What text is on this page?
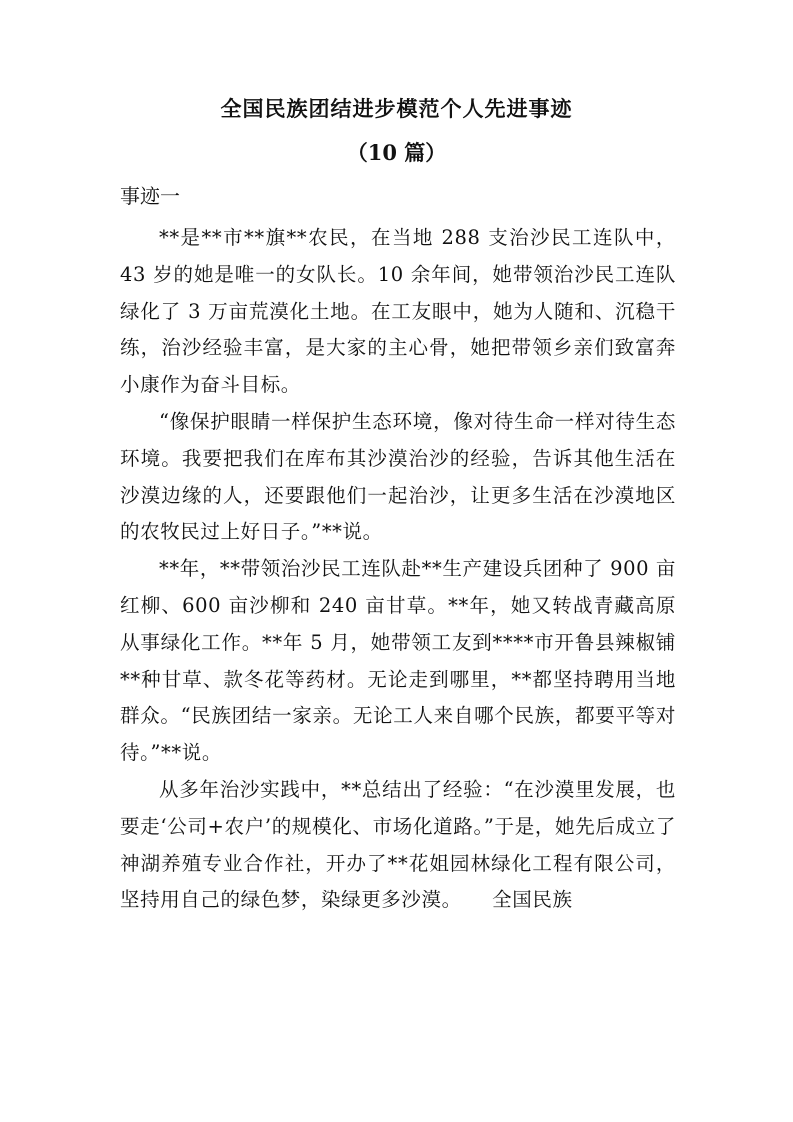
全国民族团结进步模范个人先进事迹
（10 篇）
事迹一

**是**市**旗**农民，在当地 288 支治沙民工连队中，43 岁的她是唯一的女队长。10 余年间，她带领治沙民工连队绿化了 3 万亩荒漠化土地。在工友眼中，她为人随和、沉稳干练，治沙经验丰富，是大家的主心骨，她把带领乡亲们致富奔小康作为奋斗目标。

“像保护眼睛一样保护生态环境，像对待生命一样对待生态环境。我要把我们在库布其沙漠治沙的经验，告诉其他生活在沙漠边缘的人，还要跟他们一起治沙，让更多生活在沙漠地区的农牧民过上好日子。”**说。

**年，**带领治沙民工连队赴**生产建设兵团种了 900 亩红柳、600 亩沙柳和 240 亩甘草。**年，她又转战青藏高原从事绿化工作。**年 5 月，她带领工友到****市开鲁县辣椒铺**种甘草、款冬花等药材。无论走到哪里，**都坚持聘用当地群众。“民族团结一家亲。无论工人来自哪个民族，都要平等对待。”**说。

从多年治沙实践中，**总结出了经验：“在沙漠里发展，也要走‘公司+农户’的规模化、市场化道路。”于是，她先后成立了神湖养殖专业合作社，开办了**花姐园林绿化工程有限公司，坚持用自己的绿色梦，染绿更多沙漠。　　全国民族
